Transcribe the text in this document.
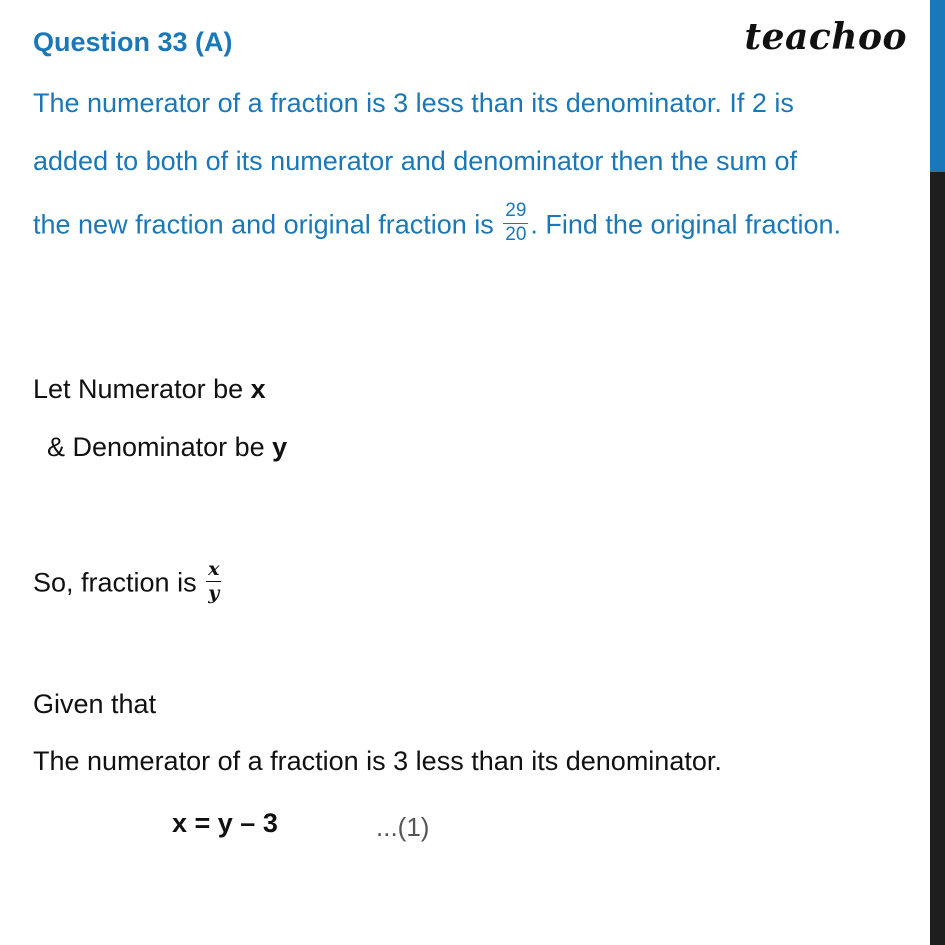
Question 33 (A)	teachoo
The numerator of a fraction is 3 less than its denominator. If 2 is
added to both of its numerator and denominator then the sum of
the new fraction and original fraction is $\frac{29}{20}$ . Find the original fraction.
Let Numerator be x
& Denominator be y
So, fraction is $\frac{x}{y}$
Given that
The numerator of a fraction is 3 less than its denominator.
x = y – 3	...(1)
